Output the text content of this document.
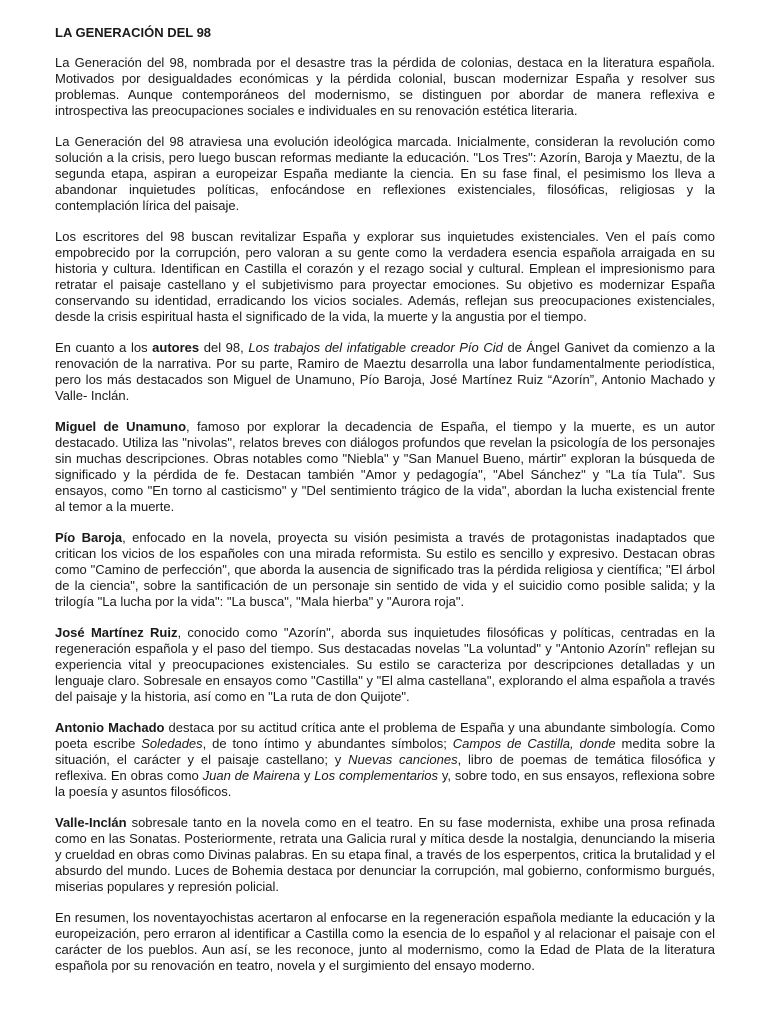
LA GENERACIÓN DEL 98

La Generación del 98, nombrada por el desastre tras la pérdida de colonias, destaca en la literatura española. Motivados por desigualdades económicas y la pérdida colonial, buscan modernizar España y resolver sus problemas. Aunque contemporáneos del modernismo, se distinguen por abordar de manera reflexiva e introspectiva las preocupaciones sociales e individuales en su renovación estética literaria.

La Generación del 98 atraviesa una evolución ideológica marcada. Inicialmente, consideran la revolución como solución a la crisis, pero luego buscan reformas mediante la educación. "Los Tres": Azorín, Baroja y Maeztu, de la segunda etapa, aspiran a europeizar España mediante la ciencia. En su fase final, el pesimismo los lleva a abandonar inquietudes políticas, enfocándose en reflexiones existenciales, filosóficas, religiosas y la contemplación lírica del paisaje.

Los escritores del 98 buscan revitalizar España y explorar sus inquietudes existenciales. Ven el país como empobrecido por la corrupción, pero valoran a su gente como la verdadera esencia española arraigada en su historia y cultura. Identifican en Castilla el corazón y el rezago social y cultural. Emplean el impresionismo para retratar el paisaje castellano y el subjetivismo para proyectar emociones. Su objetivo es modernizar España conservando su identidad, erradicando los vicios sociales. Además, reflejan sus preocupaciones existenciales, desde la crisis espiritual hasta el significado de la vida, la muerte y la angustia por el tiempo.

En cuanto a los autores del 98, Los trabajos del infatigable creador Pío Cid de Ángel Ganivet da comienzo a la renovación de la narrativa. Por su parte, Ramiro de Maeztu desarrolla una labor fundamentalmente periodística, pero los más destacados son Miguel de Unamuno, Pío Baroja, José Martínez Ruiz “Azorín”, Antonio Machado y Valle- Inclán.

Miguel de Unamuno, famoso por explorar la decadencia de España, el tiempo y la muerte, es un autor destacado. Utiliza las "nivolas", relatos breves con diálogos profundos que revelan la psicología de los personajes sin muchas descripciones. Obras notables como "Niebla" y "San Manuel Bueno, mártir" exploran la búsqueda de significado y la pérdida de fe. Destacan también "Amor y pedagogía", "Abel Sánchez" y "La tía Tula". Sus ensayos, como "En torno al casticismo" y "Del sentimiento trágico de la vida", abordan la lucha existencial frente al temor a la muerte.

Pío Baroja, enfocado en la novela, proyecta su visión pesimista a través de protagonistas inadaptados que critican los vicios de los españoles con una mirada reformista. Su estilo es sencillo y expresivo. Destacan obras como "Camino de perfección", que aborda la ausencia de significado tras la pérdida religiosa y científica; "El árbol de la ciencia", sobre la santificación de un personaje sin sentido de vida y el suicidio como posible salida; y la trilogía "La lucha por la vida": "La busca", "Mala hierba" y "Aurora roja".

José Martínez Ruiz, conocido como "Azorín", aborda sus inquietudes filosóficas y políticas, centradas en la regeneración española y el paso del tiempo. Sus destacadas novelas "La voluntad" y "Antonio Azorín" reflejan su experiencia vital y preocupaciones existenciales. Su estilo se caracteriza por descripciones detalladas y un lenguaje claro. Sobresale en ensayos como "Castilla" y "El alma castellana", explorando el alma española a través del paisaje y la historia, así como en "La ruta de don Quijote".

Antonio Machado destaca por su actitud crítica ante el problema de España y una abundante simbología. Como poeta escribe Soledades, de tono íntimo y abundantes símbolos; Campos de Castilla, donde medita sobre la situación, el carácter y el paisaje castellano; y Nuevas canciones, libro de poemas de temática filosófica y reflexiva. En obras como Juan de Mairena y Los complementarios y, sobre todo, en sus ensayos, reflexiona sobre la poesía y asuntos filosóficos.

Valle-Inclán sobresale tanto en la novela como en el teatro. En su fase modernista, exhibe una prosa refinada como en las Sonatas. Posteriormente, retrata una Galicia rural y mítica desde la nostalgia, denunciando la miseria y crueldad en obras como Divinas palabras. En su etapa final, a través de los esperpentos, critica la brutalidad y el absurdo del mundo. Luces de Bohemia destaca por denunciar la corrupción, mal gobierno, conformismo burgués, miserias populares y represión policial.

En resumen, los noventayochistas acertaron al enfocarse en la regeneración española mediante la educación y la europeización, pero erraron al identificar a Castilla como la esencia de lo español y al relacionar el paisaje con el carácter de los pueblos. Aun así, se les reconoce, junto al modernismo, como la Edad de Plata de la literatura española por su renovación en teatro, novela y el surgimiento del ensayo moderno.
